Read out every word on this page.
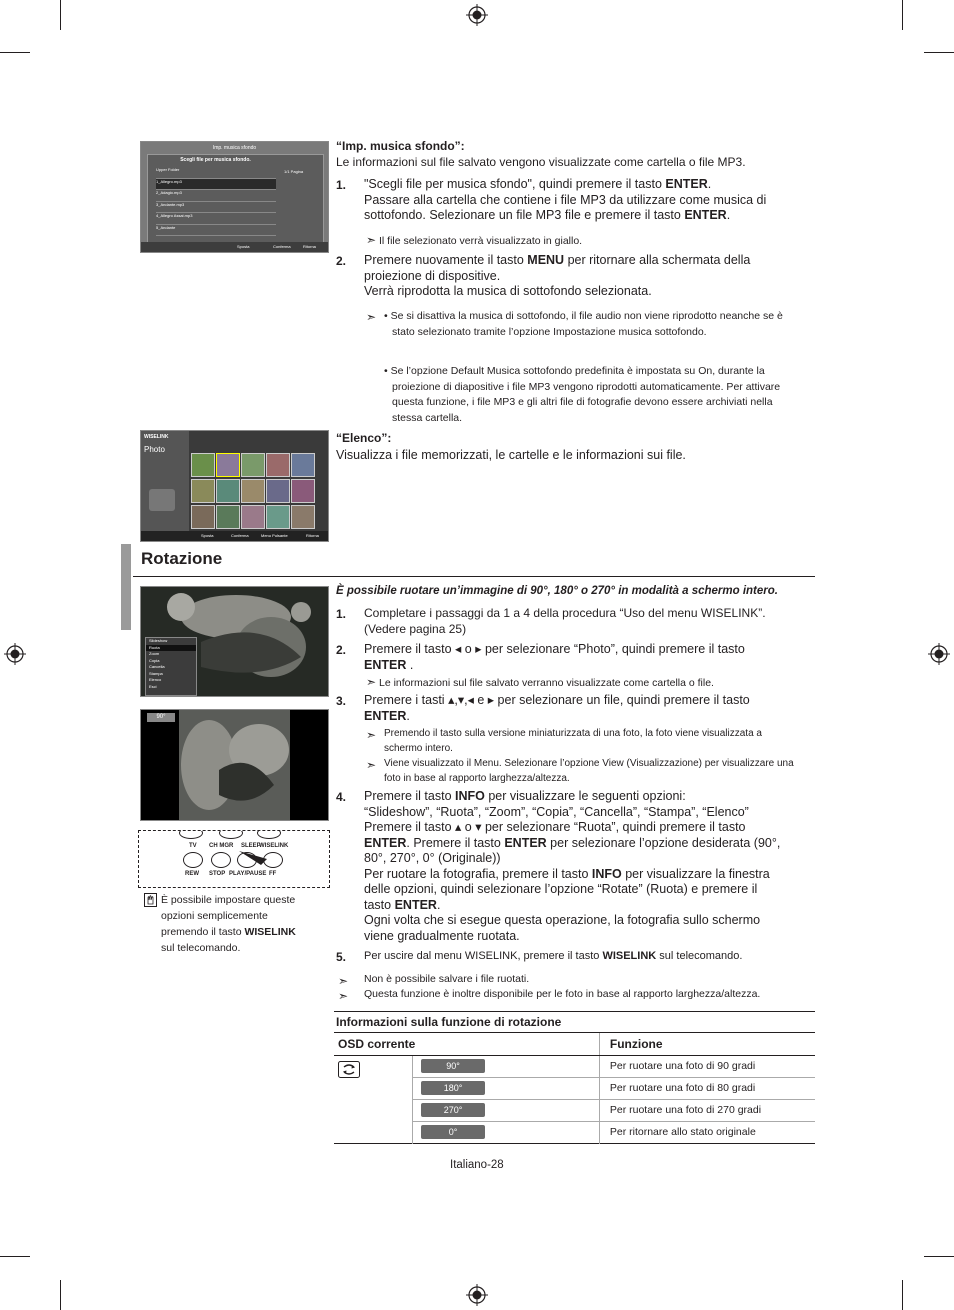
Imp. musica sfondo
Scegli file per musica sfondo.
1/1 Pagina
Upper Folder
1_Allegro.mp3
2_Adagio.mp3
3_Andante.mp3
4_Allegro Assai.mp3
5_Andante
Sposta	Conferma	Ritorna
“Imp. musica sfondo”:
Le informazioni sul file salvato vengono visualizzate come cartella o file MP3.
1. "Scegli file per musica sfondo", quindi premere il tasto ENTER.
Passare alla cartella che contiene i file MP3 da utilizzare come musica di sottofondo. Selezionare un file MP3 file e premere il tasto ENTER.
➣ Il file selezionato verrà visualizzato in giallo.
2. Premere nuovamente il tasto MENU per ritornare alla schermata della proiezione di dispositive.
Verrà riprodotta la musica di sottofondo selezionata.
➣ • Se si disattiva la musica di sottofondo, il file audio non viene riprodotto neanche se è stato selezionato tramite l’opzione Impostazione musica sottofondo.
• Se l’opzione Default Musica sottofondo predefinita è impostata su On, durante la proiezione di diapositive i file MP3 vengono riprodotti automaticamente. Per attivare questa funzione, i file MP3 e gli altri file di fotografie devono essere archiviati nella stessa cartella.
WISELINK
Photo
Sposta	Conferma	Menu Pulsante	Ritorna
“Elenco”:
Visualizza i file memorizzati, le cartelle e le informazioni sui file.
Rotazione
Slideshow
Ruota
Zoom
Copia
Cancella
Stampa
Elenco
Esci
90°
TV CH MGR SLEEP
WISELINK
REW STOP PLAY/PAUSE FF
È possibile impostare queste opzioni semplicemente premendo il tasto WISELINK sul telecomando.
È possibile ruotare un’immagine di 90°, 180° o 270° in modalità a schermo intero.
1. Completare i passaggi da 1 a 4 della procedura “Uso del menu WISELINK”. (Vedere pagina 25)
2. Premere il tasto ◂ o ▸ per selezionare “Photo”, quindi premere il tasto ENTER .
➣ Le informazioni sul file salvato verranno visualizzate come cartella o file.
3. Premere i tasti ▴,▾,◂ e ▸ per selezionare un file, quindi premere il tasto ENTER.
➣ Premendo il tasto sulla versione miniaturizzata di una foto, la foto viene visualizzata a schermo intero.
➣ Viene visualizzato il Menu. Selezionare l’opzione View (Visualizzazione) per visualizzare una foto in base al rapporto larghezza/altezza.
4. Premere il tasto INFO per visualizzare le seguenti opzioni:
“Slideshow”, “Ruota”, “Zoom”, “Copia”, “Cancella”, “Stampa”, “Elenco”
Premere il tasto ▴ o ▾ per selezionare “Ruota”, quindi premere il tasto ENTER. Premere il tasto ENTER per selezionare l’opzione desiderata (90°, 80°, 270°, 0° (Originale))
Per ruotare la fotografia, premere il tasto INFO per visualizzare la finestra delle opzioni, quindi selezionare l’opzione “Rotate” (Ruota) e premere il tasto ENTER.
Ogni volta che si esegue questa operazione, la fotografia sullo schermo viene gradualmente ruotata.
5. Per uscire dal menu WISELINK, premere il tasto WISELINK sul telecomando.
➣ Non è possibile salvare i file ruotati.
➣ Questa funzione è inoltre disponibile per le foto in base al rapporto larghezza/altezza.
Informazioni sulla funzione di rotazione
OSD corrente		Funzione

90°	Per ruotare una foto di 90 gradi

	180°	Per ruotare una foto di 80 gradi

	270°	Per ruotare una foto di 270 gradi

	0°	Per ritornare allo stato originale
Italiano-28
